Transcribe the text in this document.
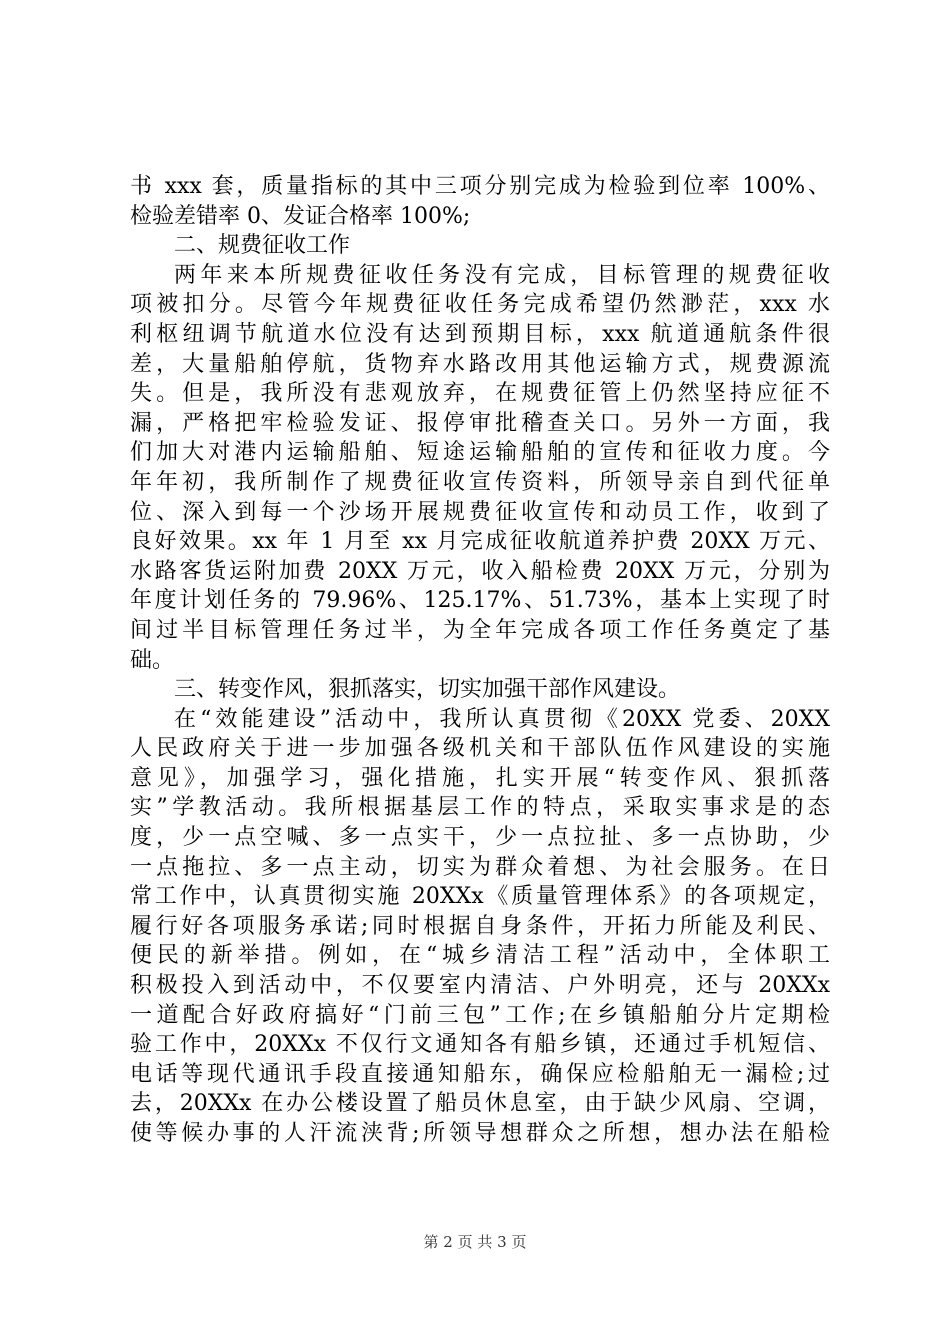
书 xxx 套，质量指标的其中三项分别完成为检验到位率 100%、
检验差错率 0、发证合格率 100%;
二、规费征收工作
两年来本所规费征收任务没有完成，目标管理的规费征收
项被扣分。尽管今年规费征收任务完成希望仍然渺茫，xxx 水
利枢纽调节航道水位没有达到预期目标，xxx 航道通航条件很
差，大量船舶停航，货物弃水路改用其他运输方式，规费源流
失。但是，我所没有悲观放弃，在规费征管上仍然坚持应征不
漏，严格把牢检验发证、报停审批稽查关口。另外一方面，我
们加大对港内运输船舶、短途运输船舶的宣传和征收力度。今
年年初，我所制作了规费征收宣传资料，所领导亲自到代征单
位、深入到每一个沙场开展规费征收宣传和动员工作，收到了
良好效果。xx 年 1 月至 xx 月完成征收航道养护费 20XX 万元、
水路客货运附加费 20XX 万元，收入船检费 20XX 万元，分别为
年度计划任务的 79.96%、125.17%、51.73%，基本上实现了时
间过半目标管理任务过半，为全年完成各项工作任务奠定了基
础。
三、转变作风，狠抓落实，切实加强干部作风建设。
在“效能建设”活动中，我所认真贯彻《20XX 党委、20XX
人民政府关于进一步加强各级机关和干部队伍作风建设的实施
意见》，加强学习，强化措施，扎实开展“转变作风、狠抓落
实”学教活动。我所根据基层工作的特点，采取实事求是的态
度，少一点空喊、多一点实干，少一点拉扯、多一点协助，少
一点拖拉、多一点主动，切实为群众着想、为社会服务。在日
常工作中，认真贯彻实施 20XXx《质量管理体系》的各项规定，
履行好各项服务承诺;同时根据自身条件，开拓力所能及利民、
便民的新举措。例如，在“城乡清洁工程”活动中，全体职工
积极投入到活动中，不仅要室内清洁、户外明亮，还与 20XXx
一道配合好政府搞好“门前三包”工作;在乡镇船舶分片定期检
验工作中，20XXx 不仅行文通知各有船乡镇，还通过手机短信、
电话等现代通讯手段直接通知船东，确保应检船舶无一漏检;过
去，20XXx 在办公楼设置了船员休息室，由于缺少风扇、空调，
使等候办事的人汗流浃背;所领导想群众之所想，想办法在船检
第 2 页 共 3 页
